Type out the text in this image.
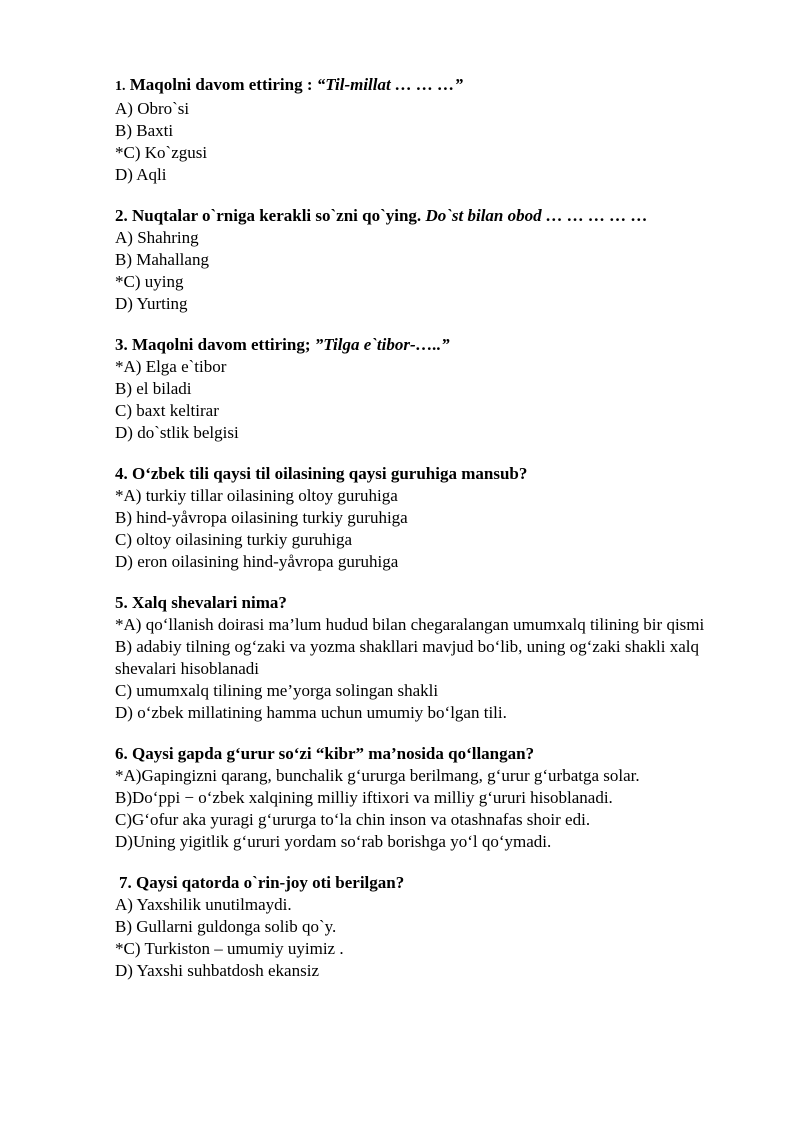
1. Maqolni davom ettiring : “Til-millat … … …”

A) Obro`si

B) Baxti

*C) Ko`zgusi

D) Aqli

2. Nuqtalar o`rniga kerakli so`zni qo`ying. Do`st bilan obod … … … … …

A) Shahring

B) Mahallang

*C) uying

D) Yurting

3. Maqolni davom ettiring; ”Tilga e`tibor-…..”

*A) Elga e`tibor

B) el biladi

C) baxt keltirar

D) do`stlik belgisi

4. O‘zbek tili qaysi til oilasining qaysi guruhiga mansub?

*A) turkiy tillar oilasining oltoy guruhiga

B) hind-yåvropa oilasining turkiy guruhiga

C) oltoy oilasining turkiy guruhiga

D) eron oilasining hind-yåvropa guruhiga

5. Xalq shevalari nima?

*A) qo‘llanish doirasi ma’lum hudud bilan chegaralangan umumxalq tilining bir qismi

B) adabiy tilning og‘zaki va yozma shakllari mavjud bo‘lib, uning og‘zaki shakli xalq shevalari hisoblanadi

C) umumxalq tilining me’yorga solingan shakli

D) o‘zbek millatining hamma uchun umumiy bo‘lgan tili.

6. Qaysi gapda g‘urur so‘zi “kibr” ma’nosida qo‘llangan?

*A)Gapingizni qarang, bunchalik g‘ururga berilmang, g‘urur g‘urbatga solar.

B)Do‘ppi − o‘zbek xalqining milliy iftixori va milliy g‘ururi hisoblanadi.

C)G‘ofur aka yuragi g‘ururga to‘la chin inson va otashnafas shoir edi.

D)Uning yigitlik g‘ururi yordam so‘rab borishga yo‘l qo‘ymadi.

7. Qaysi qatorda o`rin-joy oti berilgan?

A) Yaxshilik unutilmaydi.

B) Gullarni guldonga solib qo`y.

*C) Turkiston – umumiy uyimiz .

D) Yaxshi suhbatdosh ekansiz
